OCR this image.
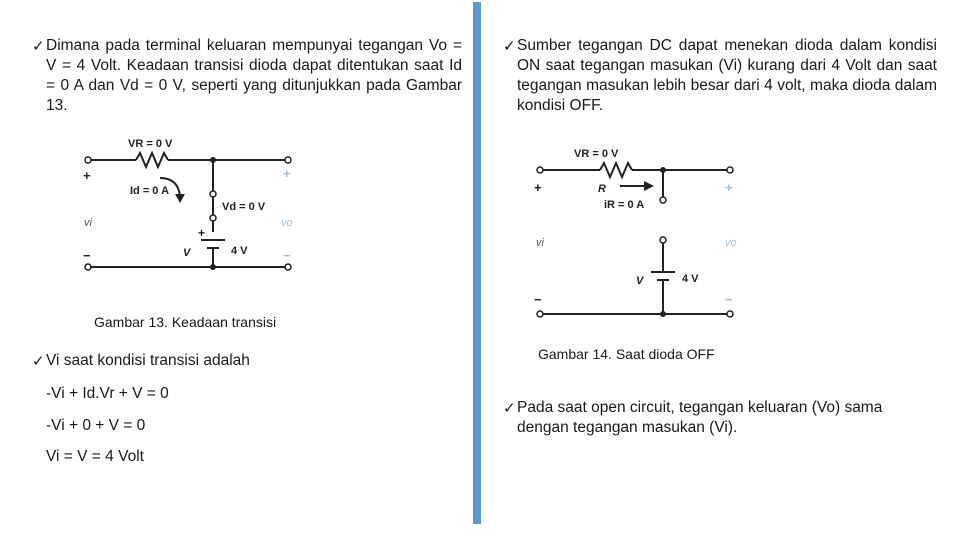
✓ Dimana pada terminal keluaran mempunyai tegangan Vo = V = 4 Volt. Keadaan transisi dioda dapat ditentukan saat Id = 0 A dan Vd = 0 V, seperti yang ditunjukkan pada Gambar 13.
VR = 0 V
Id = 0 A
Vd = 0 V
V	4 V
+
vi	vo
+
−
+
−
Gambar 13. Keadaan transisi
✓ Vi saat kondisi transisi adalah
-Vi + Id.Vr + V = 0
-Vi + 0 + V = 0
Vi = V = 4 Volt
✓ Sumber tegangan DC dapat menekan dioda dalam kondisi ON saat tegangan masukan (Vi) kurang dari 4 Volt dan saat tegangan masukan lebih besar dari 4 volt, maka dioda dalam kondisi OFF.
VR = 0 V
R
iR = 0 A
V	4 V
vi	vo
+
−
+
−
Gambar 14. Saat dioda OFF
✓ Pada saat open circuit, tegangan keluaran (Vo) sama dengan tegangan masukan (Vi).
